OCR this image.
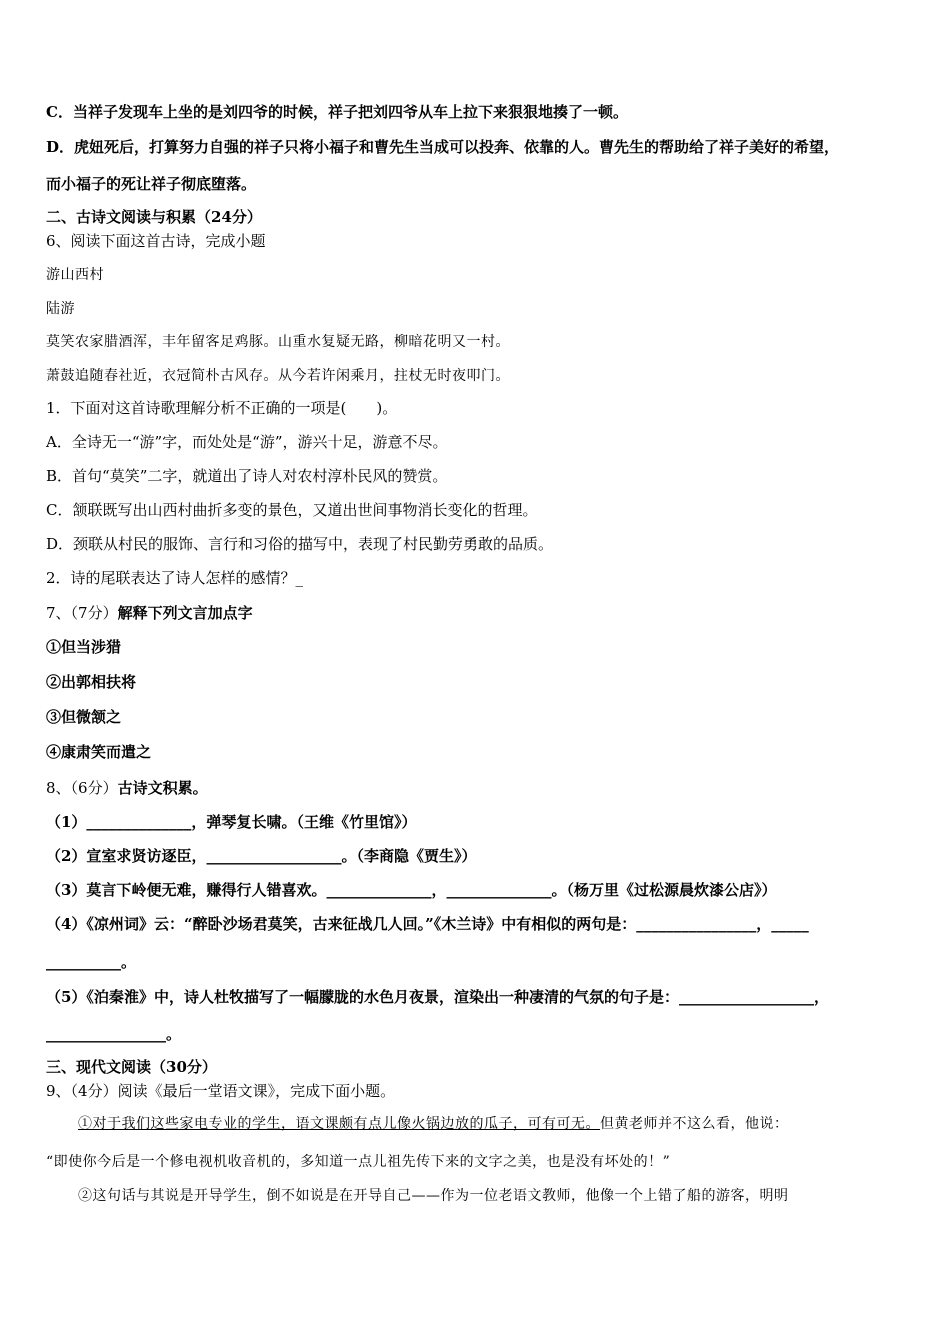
C．当祥子发现车上坐的是刘四爷的时候，祥子把刘四爷从车上拉下来狠狠地揍了一顿。
D．虎妞死后，打算努力自强的祥子只将小福子和曹先生当成可以投奔、依靠的人。曹先生的帮助给了祥子美好的希望，
而小福子的死让祥子彻底堕落。
二、古诗文阅读与积累（24分）
6、阅读下面这首古诗，完成小题
游山西村
陆游
莫笑农家腊酒浑，丰年留客足鸡豚。山重水复疑无路，柳暗花明又一村。
萧鼓追随春社近，衣冠简朴古风存。从今若许闲乘月，拄杖无时夜叩门。
1．下面对这首诗歌理解分析不正确的一项是(　　)。
A．全诗无一“游”字，而处处是“游”，游兴十足，游意不尽。
B．首句“莫笑”二字，就道出了诗人对农村淳朴民风的赞赏。
C．颔联既写出山西村曲折多变的景色，又道出世间事物消长变化的哲理。
D．颈联从村民的服饰、言行和习俗的描写中，表现了村民勤劳勇敢的品质。
2．诗的尾联表达了诗人怎样的感情？_
7、（7分）解释下列文言加点字
①但当涉猎
②出郭相扶将
③但微颔之
④康肃笑而遣之
8、（6分）古诗文积累。
（1）______________，弹琴复长啸。（王维《竹里馆》）
（2）宣室求贤访逐臣，__________________。（李商隐《贾生》）
（3）莫言下岭便无难，赚得行人错喜欢。______________，______________。（杨万里《过松源晨炊漆公店》）
（4）《凉州词》云：“醉卧沙场君莫笑，古来征战几人回。”《木兰诗》中有相似的两句是：________________，_____
__________。
（5）《泊秦淮》中，诗人杜牧描写了一幅朦胧的水色月夜景，渲染出一种凄清的气氛的句子是：__________________，
________________。
三、现代文阅读（30分）
9、（4分）阅读《最后一堂语文课》，完成下面小题。
①对于我们这些家电专业的学生，语文课颇有点儿像火锅边放的瓜子，可有可无。但黄老师并不这么看，他说：
“即使你今后是一个修电视机收音机的，多知道一点儿祖先传下来的文字之美，也是没有坏处的！”
②这句话与其说是开导学生，倒不如说是在开导自己——作为一位老语文教师，他像一个上错了船的游客，明明
